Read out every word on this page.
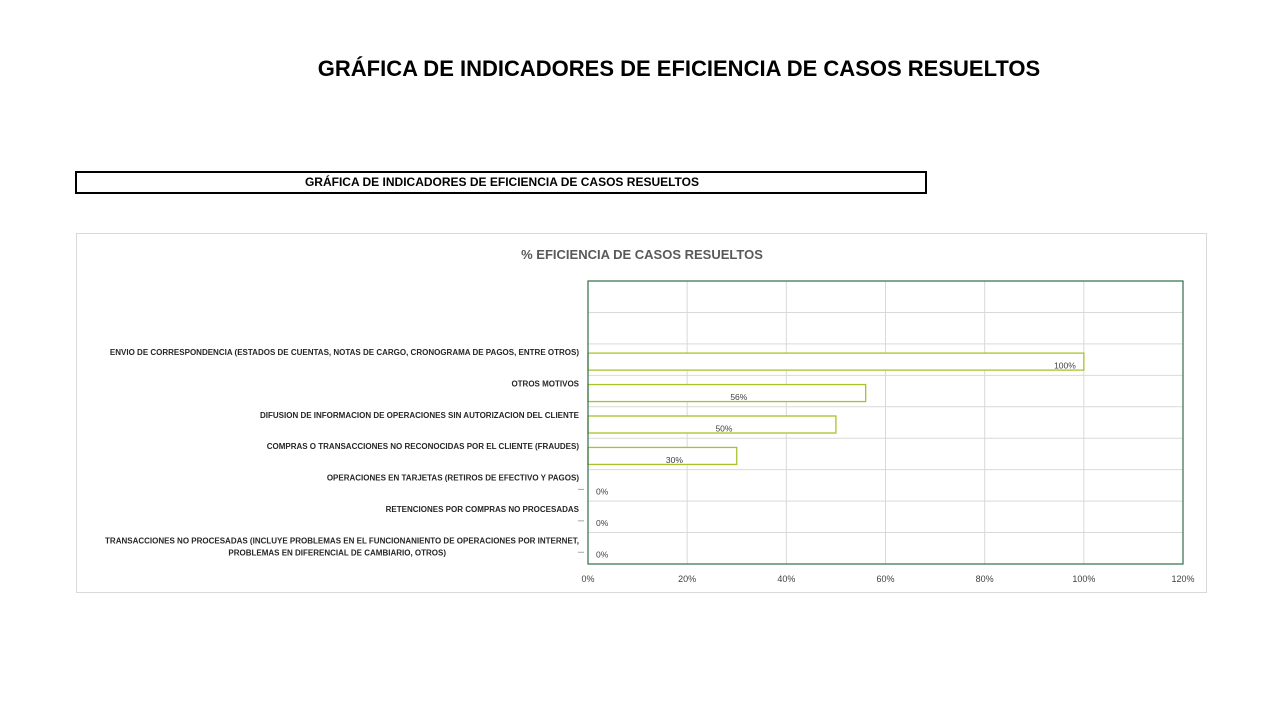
GRÁFICA DE INDICADORES DE EFICIENCIA DE CASOS RESUELTOS
GRÁFICA DE INDICADORES DE EFICIENCIA DE CASOS RESUELTOS
% EFICIENCIA DE CASOS RESUELTOS
100%
56%
50%
30%
0%
0%
0%
ENVIO DE CORRESPONDENCIA (ESTADOS DE CUENTAS, NOTAS DE CARGO, CRONOGRAMA DE PAGOS, ENTRE OTROS)
OTROS MOTIVOS
DIFUSION DE INFORMACION DE OPERACIONES SIN AUTORIZACION DEL CLIENTE
COMPRAS O TRANSACCIONES NO RECONOCIDAS POR EL CLIENTE (FRAUDES)
OPERACIONES EN TARJETAS (RETIROS DE EFECTIVO Y PAGOS)
RETENCIONES POR COMPRAS NO PROCESADAS
TRANSACCIONES NO PROCESADAS (INCLUYE PROBLEMAS EN EL FUNCIONANIENTO DE OPERACIONES POR INTERNET, PROBLEMAS EN DIFERENCIAL DE CAMBIARIO, OTROS)
0%	20%	40%	60%	80%	100%	120%
